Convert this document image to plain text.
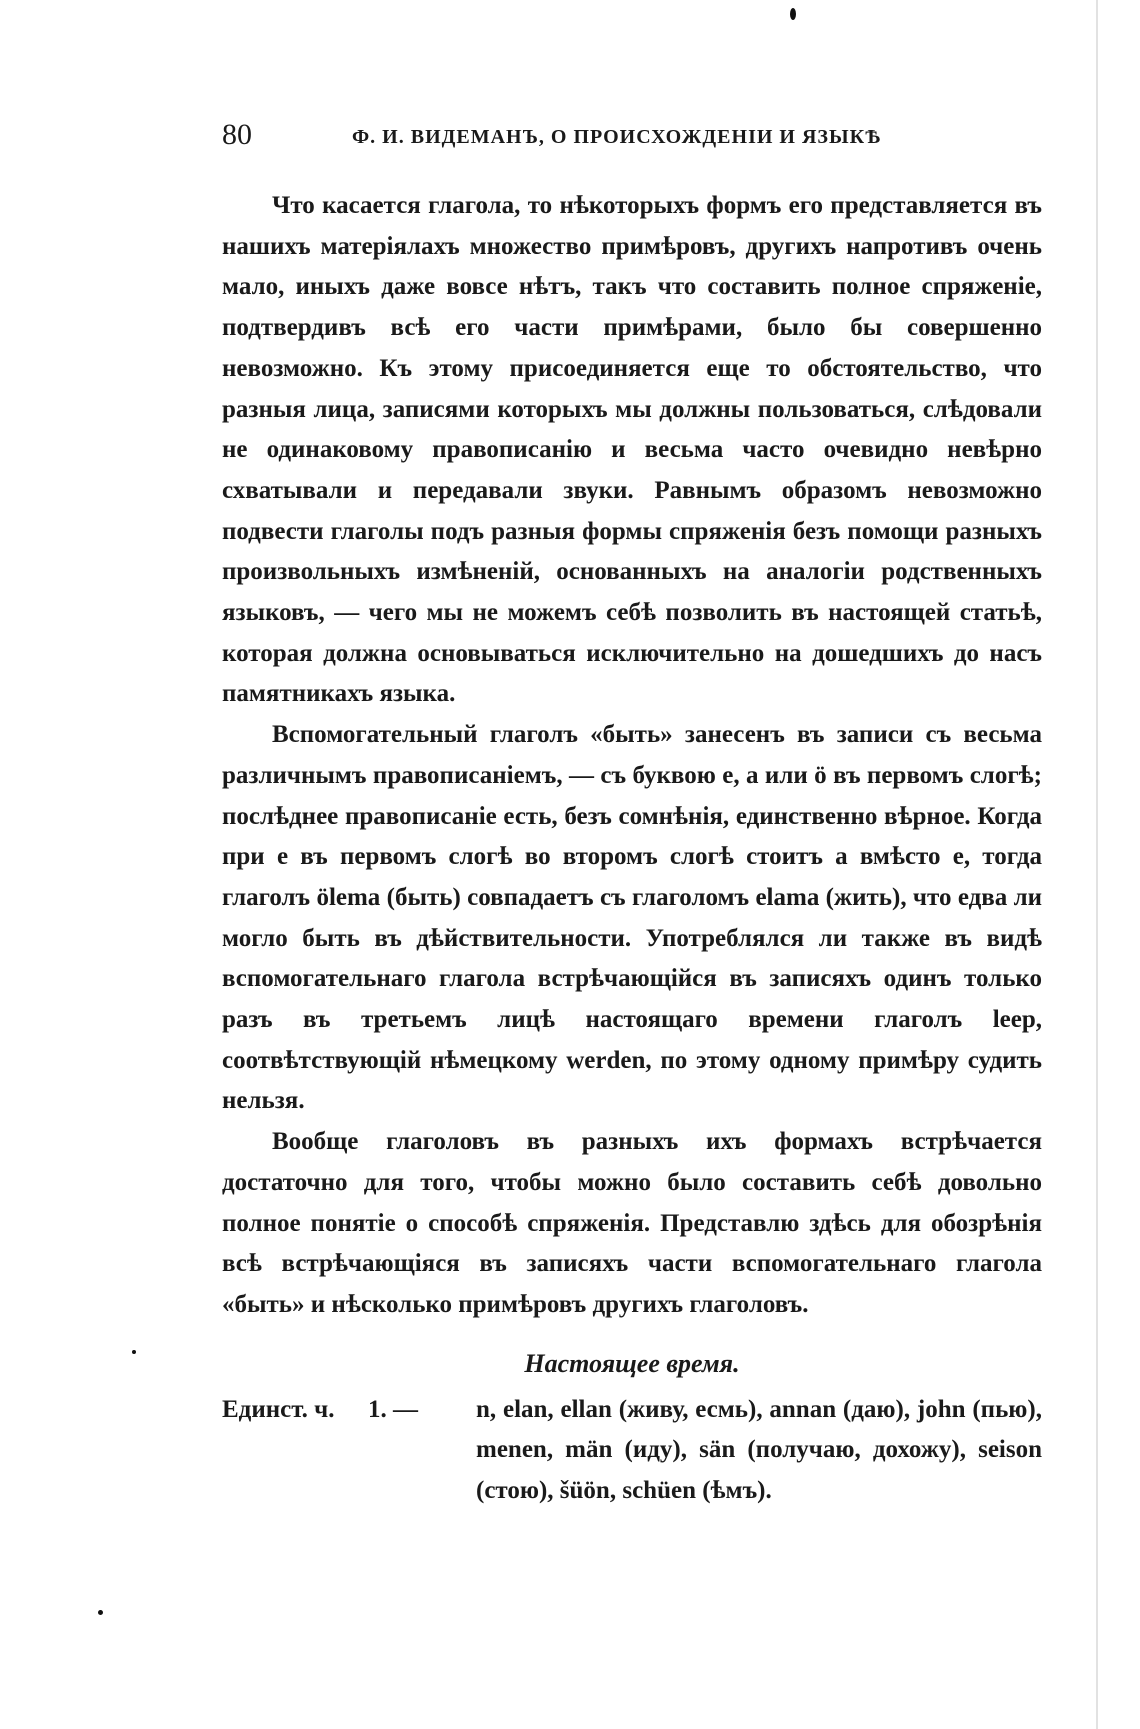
80	Ф. И. ВИДЕМАНЪ, О ПРОИСХОЖДЕНІИ И ЯЗЫКѢ

Что касается глагола, то нѣкоторыхъ формъ его представляется въ нашихъ матеріялахъ множество примѣровъ, другихъ напротивъ очень мало, иныхъ даже вовсе нѣтъ, такъ что составить полное спряженіе, подтвердивъ всѣ его части примѣрами, было бы совершенно невозможно. Къ этому присоединяется еще то обстоятельство, что разныя лица, записями которыхъ мы должны пользоваться, слѣдовали не одинаковому правописанію и весьма часто очевидно невѣрно схватывали и передавали звуки. Равнымъ образомъ невозможно подвести глаголы подъ разныя формы спряженія безъ помощи разныхъ произвольныхъ измѣненій, основанныхъ на аналогіи родственныхъ языковъ, — чего мы не можемъ себѣ позволить въ настоящей статьѣ, которая должна основываться исключительно на дошедшихъ до насъ памятникахъ языка.

Вспомогательный глаголъ «быть» занесенъ въ записи съ весьма различнымъ правописаніемъ, — съ буквою е, а или ö въ первомъ слогѣ; послѣднее правописаніе есть, безъ сомнѣнія, единственно вѣрное. Когда при е въ первомъ слогѣ во второмъ слогѣ стоитъ а вмѣсто е, тогда глаголъ ölema (быть) совпадаетъ съ глаголомъ elama (жить), что едва ли могло быть въ дѣйствительности. Употреблялся ли также въ видѣ вспомогательнаго глагола встрѣчающійся въ записяхъ одинъ только разъ въ третьемъ лицѣ настоящаго времени глаголъ leep, соотвѣтствующій нѣмецкому werden, по этому одному примѣру судить нельзя.

Вообще глаголовъ въ разныхъ ихъ формахъ встрѣчается достаточно для того, чтобы можно было составить себѣ довольно полное понятіе о способѣ спряженія. Представлю здѣсь для обозрѣнія всѣ встрѣчающіяся въ записяхъ части вспомогательнаго глагола «быть» и нѣсколько примѣровъ другихъ глаголовъ.

Настоящее время.
Единст. ч.	1. —	n, elan, ellan (живу, есмь), annan (даю), john (пью), menen, män (иду), sän (получаю, дохожу), seison (стою), šüön, schüen (ѣмъ).
